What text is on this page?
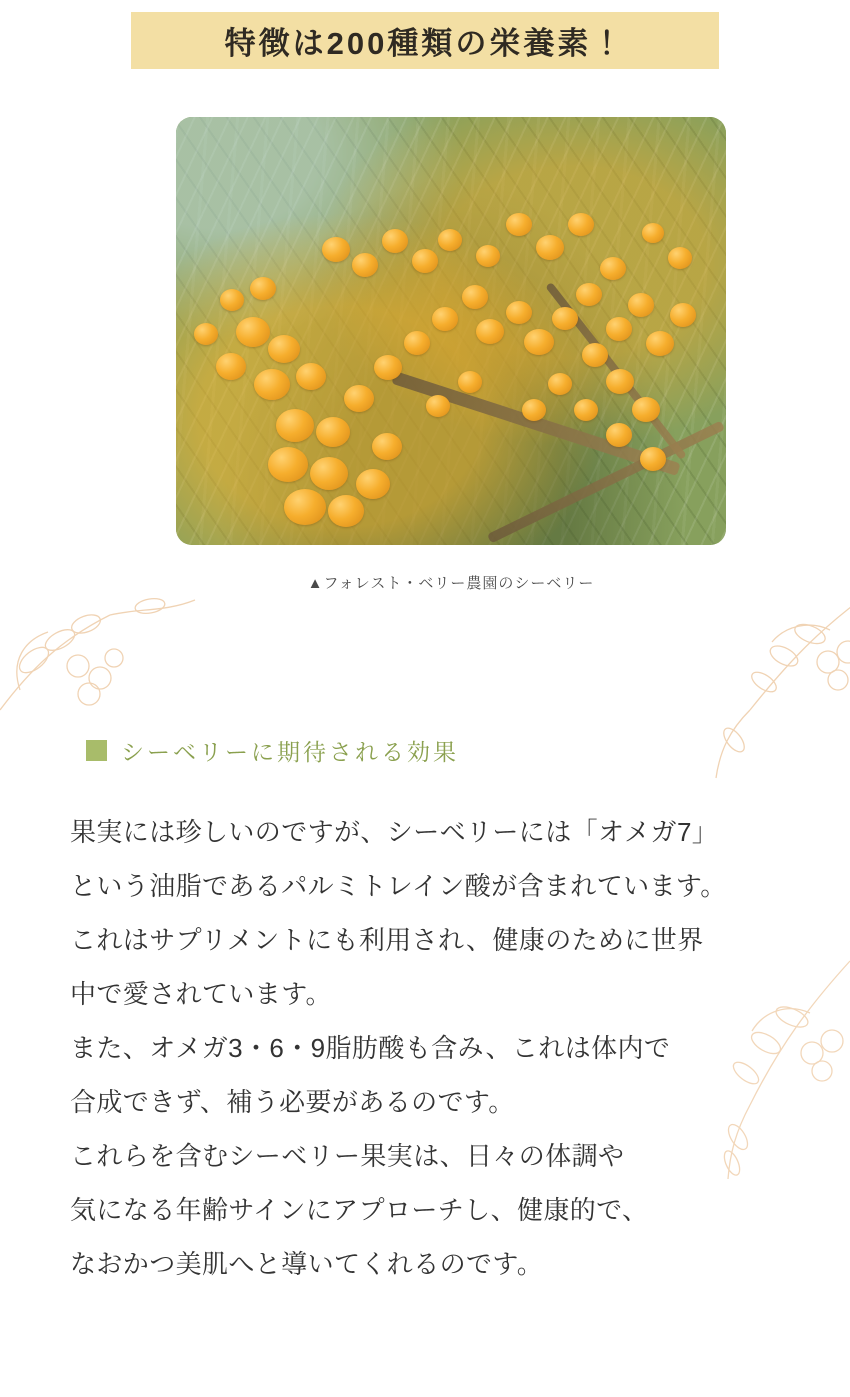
特徴は200種類の栄養素！
▲フォレスト・ベリー農園のシーベリー
シーベリーに期待される効果

果実には珍しいのですが、シーベリーには「オメガ7」

という油脂であるパルミトレイン酸が含まれています。

これはサプリメントにも利用され、健康のために世界

中で愛されています。

また、オメガ3・6・9脂肪酸も含み、これは体内で

合成できず、補う必要があるのです。

これらを含むシーベリー果実は、日々の体調や

気になる年齢サインにアプローチし、健康的で、

なおかつ美肌へと導いてくれるのです。
